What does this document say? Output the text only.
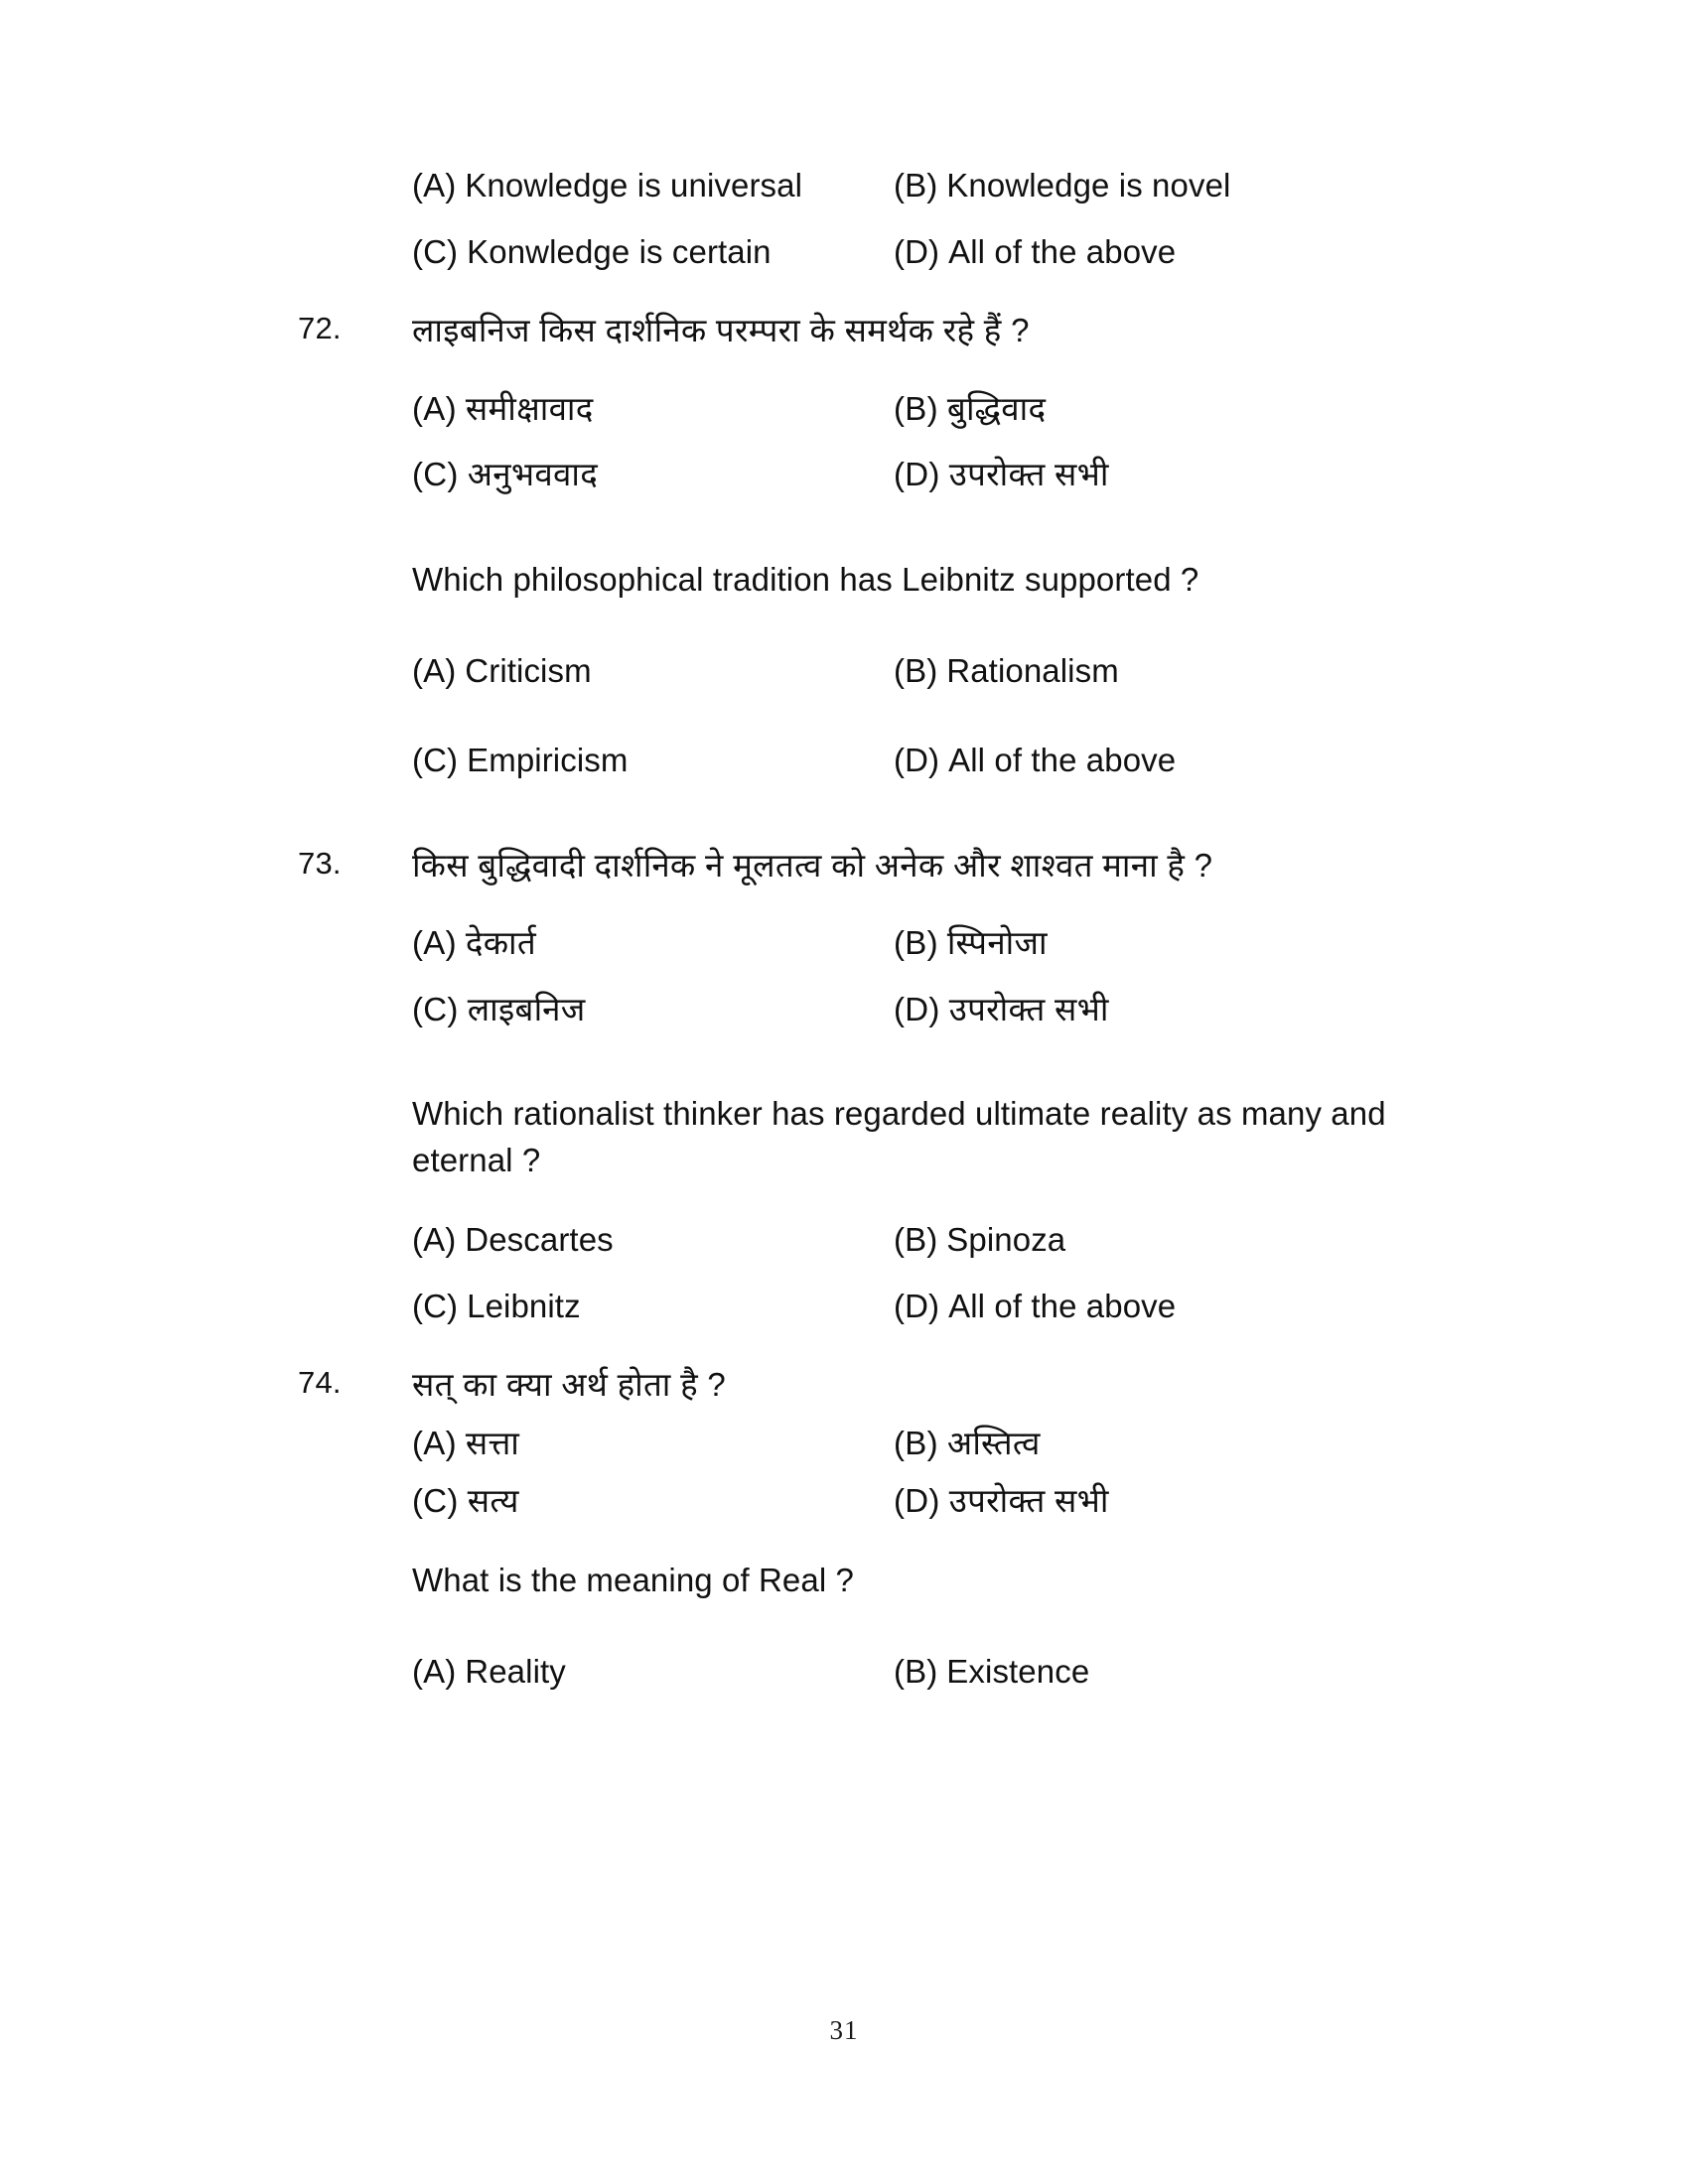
(A) Knowledge is universal	(B) Knowledge is novel
(C) Konwledge is certain	(D) All of the above
72.	लाइबनिज किस दार्शनिक परम्परा के समर्थक रहे हैं ?
(A) समीक्षावाद	(B) बुद्धिवाद
(C) अनुभववाद	(D) उपरोक्त सभी
Which philosophical tradition has Leibnitz supported ?
(A) Criticism	(B) Rationalism
(C) Empiricism	(D) All of the above
73.	किस बुद्धिवादी दार्शनिक ने मूलतत्व को अनेक और शाश्वत माना है ?
(A) देकार्त	(B) स्पिनोजा
(C) लाइबनिज	(D) उपरोक्त सभी
Which rationalist thinker has regarded ultimate reality as many and eternal ?
(A) Descartes	(B) Spinoza
(C) Leibnitz	(D) All of the above
74.	सत् का क्या अर्थ होता है ?
(A) सत्ता	(B) अस्तित्व
(C) सत्य	(D) उपरोक्त सभी
What is the meaning of Real ?
(A) Reality	(B) Existence
31
